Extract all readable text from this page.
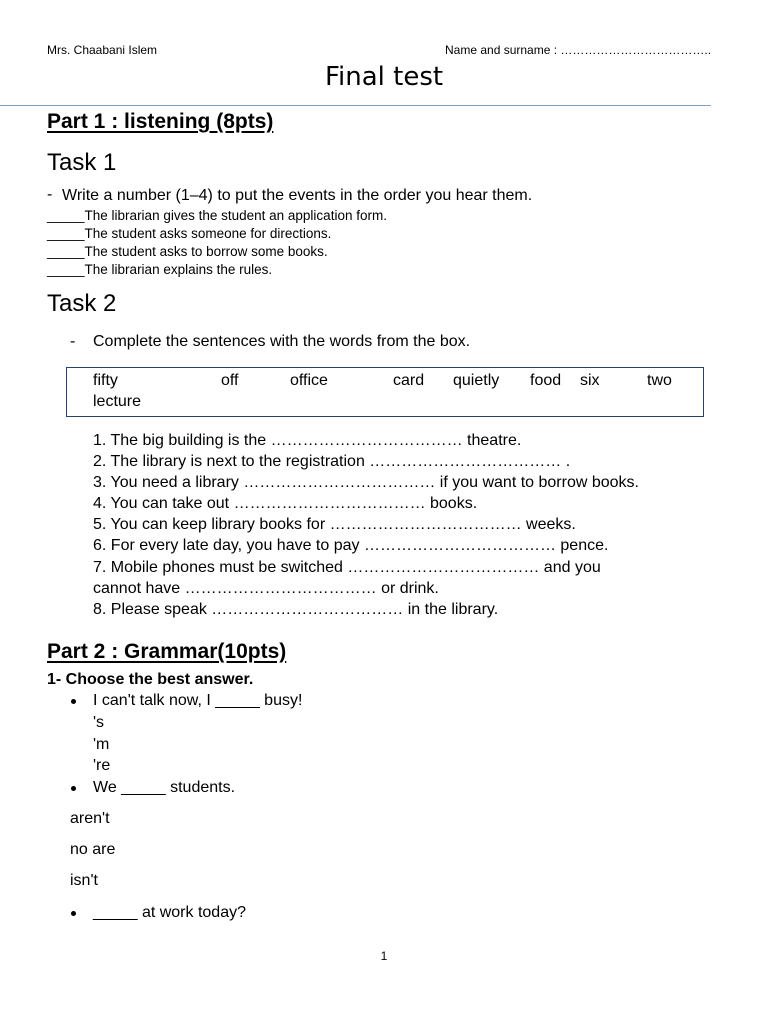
Mrs. Chaabani Islem	Name and surname : ………………………………..
Final test
Part 1 : listening (8pts)
Task 1
- Write a number (1–4) to put the events in the order you hear them.
_____The librarian gives the student an application form.
_____The student asks someone for directions.
_____The student asks to borrow some books.
_____The librarian explains the rules.
Task 2
- Complete the sentences with the words from the box.
fifty	off	office	card quietly food six	two
lecture
1. The big building is the ……………………………… theatre.
2. The library is next to the registration ……………………………… .
3. You need a library ……………………………… if you want to borrow books.
4. You can take out ……………………………… books.
5. You can keep library books for ……………………………… weeks.
6. For every late day, you have to pay ……………………………… pence.
7. Mobile phones must be switched ……………………………… and you
cannot have ……………………………… or drink.
8. Please speak ……………………………… in the library.
Part 2 : Grammar(10pts)
1- Choose the best answer.
I can't talk now, I _____ busy!
's
'm
're
We _____ students.
aren't
no are
isn't
_____ at work today?
1
